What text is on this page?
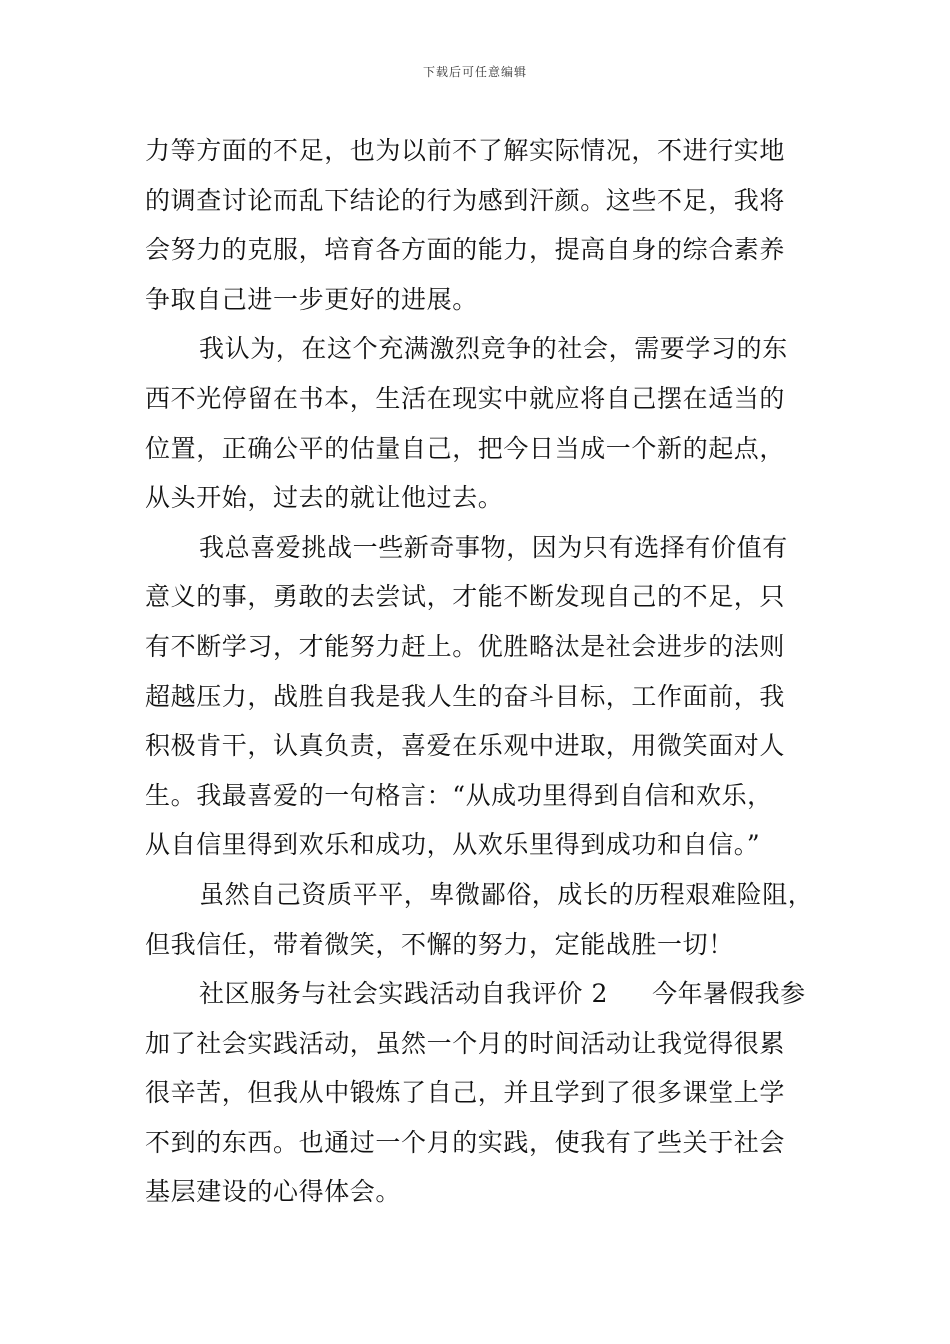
下载后可任意编辑
力等方面的不足，也为以前不了解实际情况，不进行实地
的调查讨论而乱下结论的行为感到汗颜。这些不足，我将
会努力的克服，培育各方面的能力，提高自身的综合素养
争取自己进一步更好的进展。
我认为，在这个充满激烈竞争的社会，需要学习的东
西不光停留在书本，生活在现实中就应将自己摆在适当的
位置，正确公平的估量自己，把今日当成一个新的起点，
从头开始，过去的就让他过去。
我总喜爱挑战一些新奇事物，因为只有选择有价值有
意义的事，勇敢的去尝试，才能不断发现自己的不足，只
有不断学习，才能努力赶上。优胜略汰是社会进步的法则
超越压力，战胜自我是我人生的奋斗目标，工作面前，我
积极肯干，认真负责，喜爱在乐观中进取，用微笑面对人
生。我最喜爱的一句格言：“从成功里得到自信和欢乐，
从自信里得到欢乐和成功，从欢乐里得到成功和自信。”
虽然自己资质平平，卑微鄙俗，成长的历程艰难险阻，
但我信任，带着微笑，不懈的努力，定能战胜一切！
社区服务与社会实践活动自我评价 2 今年暑假我参
加了社会实践活动，虽然一个月的时间活动让我觉得很累
很辛苦，但我从中锻炼了自己，并且学到了很多课堂上学
不到的东西。也通过一个月的实践，使我有了些关于社会
基层建设的心得体会。
